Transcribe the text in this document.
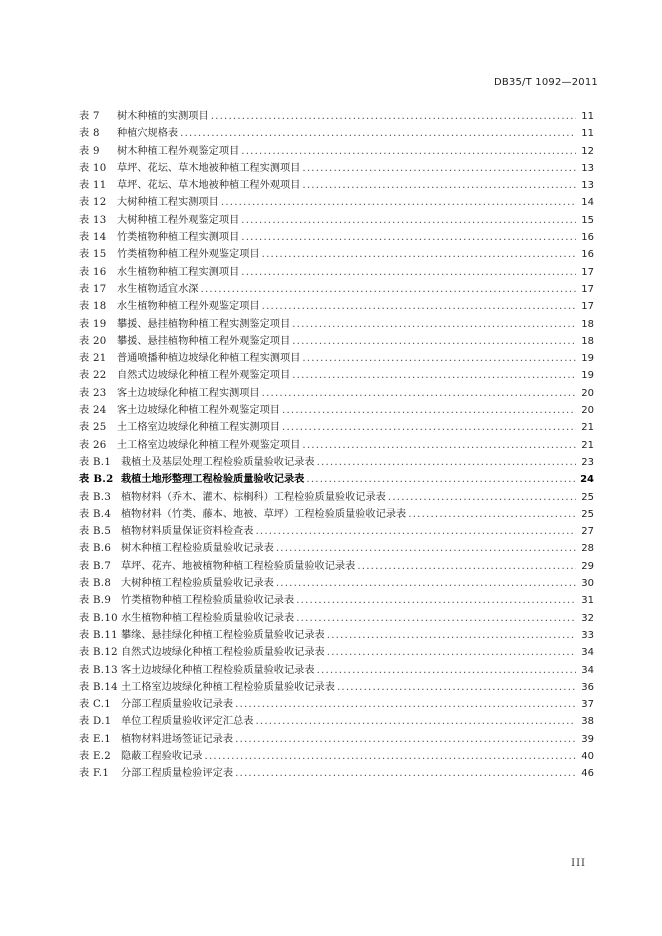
DB35/T 1092—2011
表 7	树木种植的实测项目 .....	11
表 8	种植穴规格表 .....	11
表 9	树木种植工程外观鉴定项目 .....	12
表 10	草坪、花坛、草木地被种植工程实测项目 .....	13
表 11	草坪、花坛、草木地被种植工程外观项目 .....	13
表 12	大树种植工程实测项目 .....	14
表 13	大树种植工程外观鉴定项目 .....	15
表 14	竹类植物种植工程实测项目 .....	16
表 15	竹类植物种植工程外观鉴定项目 .....	16
表 16	水生植物种植工程实测项目 .....	17
表 17	水生植物适宜水深 .....	17
表 18	水生植物种植工程外观鉴定项目 .....	17
表 19	攀援、悬挂植物种植工程实测鉴定项目 .....	18
表 20	攀援、悬挂植物种植工程外观鉴定项目 .....	18
表 21	普通喷播种植边坡绿化种植工程实测项目 .....	19
表 22	自然式边坡绿化种植工程外观鉴定项目 .....	19
表 23	客土边坡绿化种植工程实测项目 .....	20
表 24	客土边坡绿化种植工程外观鉴定项目 .....	20
表 25	土工格室边坡绿化种植工程实测项目 .....	21
表 26	土工格室边坡绿化种植工程外观鉴定项目 .....	21
表 B.1 栽植土及基层处理工程检验质量验收记录表 .....	23
表 B.2 栽植土地形整理工程检验质量验收记录表 .....	24
表 B.3 植物材料（乔木、灌木、棕榈科）工程检验质量验收记录表 .....	25
表 B.4 植物材料（竹类、藤本、地被、草坪）工程检验质量验收记录表 .....	25
表 B.5 植物材料质量保证资料检查表 .....	27
表 B.6 树木种植工程检验质量验收记录表 .....	28
表 B.7 草坪、花卉、地被植物种植工程检验质量验收记录表 .....	29
表 B.8 大树种植工程检验质量验收记录表 .....	30
表 B.9 竹类植物种植工程检验质量验收记录表 .....	31
表 B.10 水生植物种植工程检验质量验收记录表 .....	32
表 B.11 攀缘、悬挂绿化种植工程检验质量验收记录表 .....	33
表 B.12 自然式边坡绿化种植工程检验质量验收记录表 .....	34
表 B.13 客土边坡绿化种植工程检验质量验收记录表 .....	34
表 B.14 土工格室边坡绿化种植工程检验质量验收记录表 .....	36
表 C.1 分部工程质量验收记录表 .....	37
表 D.1 单位工程质量验收评定汇总表 .....	38
表 E.1 植物材料进场签证记录表 .....	39
表 E.2 隐蔽工程验收记录 .....	40
表 F.1	分部工程质量检验评定表 .....	46
III
